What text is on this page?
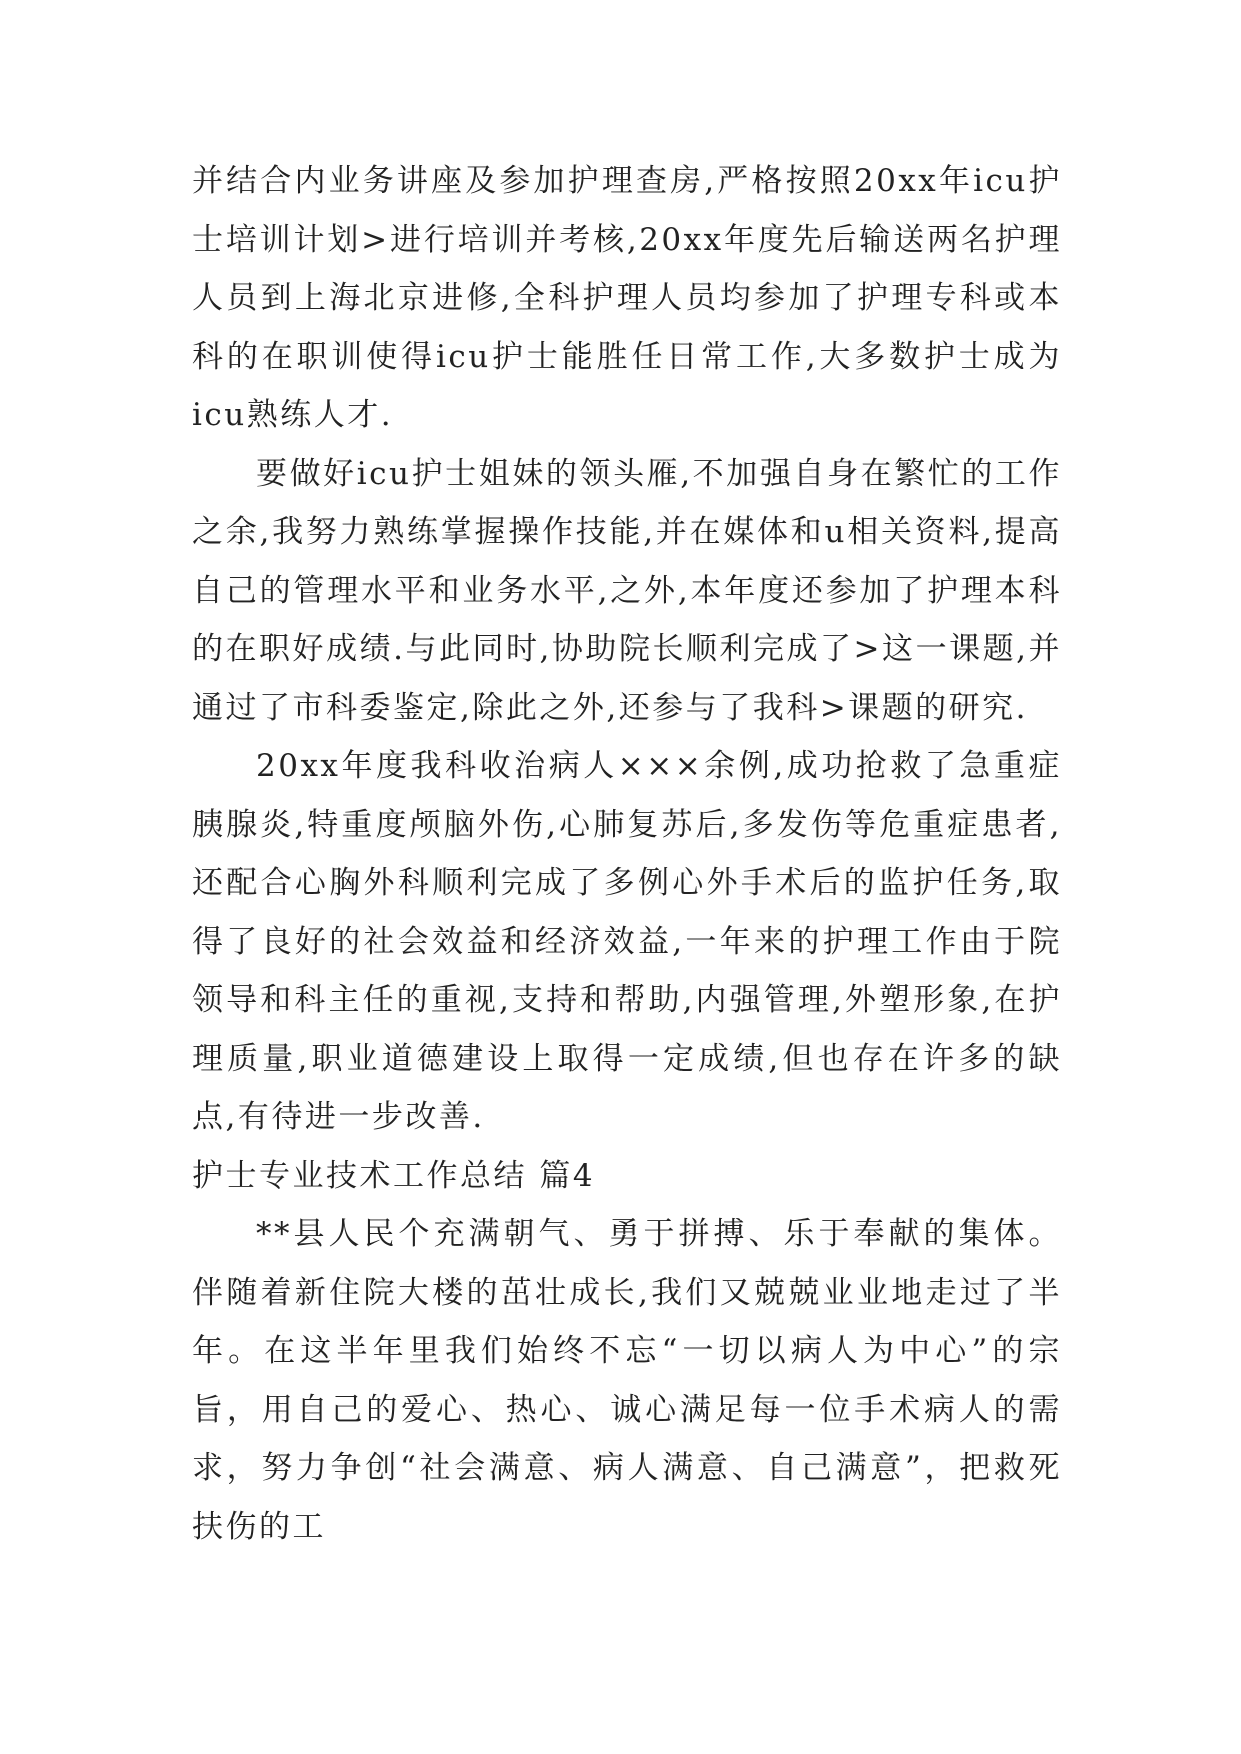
并结合内业务讲座及参加护理查房,严格按照20xx年icu护士培训计划>进行培训并考核,20xx年度先后输送两名护理人员到上海北京进修,全科护理人员均参加了护理专科或本科的在职训使得icu护士能胜任日常工作,大多数护士成为icu熟练人才.

要做好icu护士姐妹的领头雁,不加强自身在繁忙的工作之余,我努力熟练掌握操作技能,并在媒体和u相关资料,提高自己的管理水平和业务水平,之外,本年度还参加了护理本科的在职好成绩.与此同时,协助院长顺利完成了>这一课题,并通过了市科委鉴定,除此之外,还参与了我科>课题的研究.

20xx年度我科收治病人×××余例,成功抢救了急重症胰腺炎,特重度颅脑外伤,心肺复苏后,多发伤等危重症患者,还配合心胸外科顺利完成了多例心外手术后的监护任务,取得了良好的社会效益和经济效益,一年来的护理工作由于院领导和科主任的重视,支持和帮助,内强管理,外塑形象,在护理质量,职业道德建设上取得一定成绩,但也存在许多的缺点,有待进一步改善.

护士专业技术工作总结 篇4

**县人民个充满朝气、勇于拼搏、乐于奉献的集体。伴随着新住院大楼的茁壮成长,我们又兢兢业业地走过了半年。在这半年里我们始终不忘“一切以病人为中心”的宗旨，用自己的爱心、热心、诚心满足每一位手术病人的需求，努力争创“社会满意、病人满意、自己满意”，把救死扶伤的工
